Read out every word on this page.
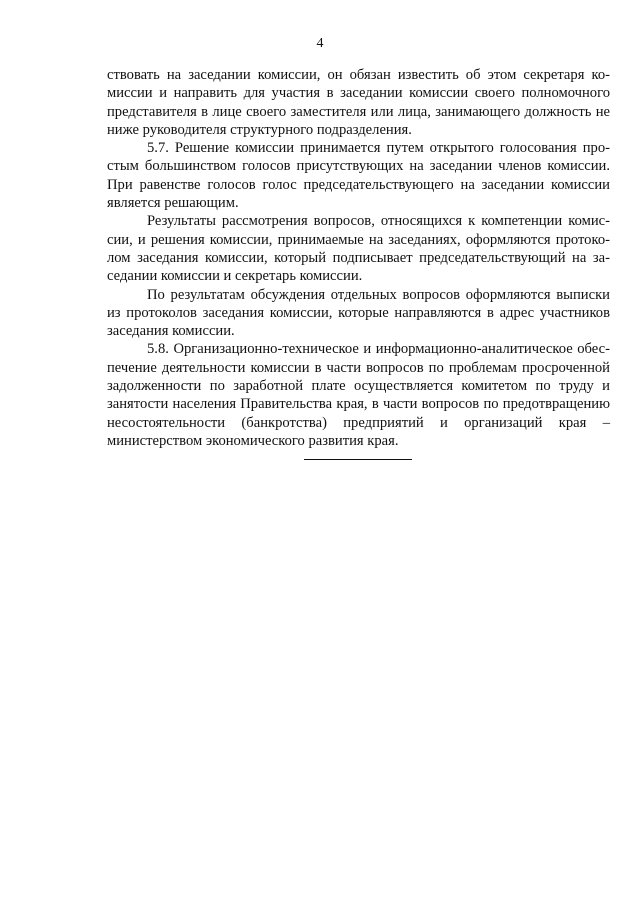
4

ствовать на заседании комиссии, он обязан известить об этом секретаря комиссии и направить для участия в заседании комиссии своего полномочного представителя в лице своего заместителя или лица, занимающего должность не ниже руководителя структурного подразделения.

5.7. Решение комиссии принимается путем открытого голосования простым большинством голосов присутствующих на заседании членов комиссии. При равенстве голосов голос председательствующего на заседании комиссии является решающим.

Результаты рассмотрения вопросов, относящихся к компетенции комиссии, и решения комиссии, принимаемые на заседаниях, оформляются протоколом заседания комиссии, который подписывает председательствующий на заседании комиссии и секретарь комиссии.

По результатам обсуждения отдельных вопросов оформляются выписки из протоколов заседания комиссии, которые направляются в адрес участников заседания комиссии.

5.8. Организационно-техническое и информационно-аналитическое обеспечение деятельности комиссии в части вопросов по проблемам просроченной задолженности по заработной плате осуществляется комитетом по труду и занятости населения Правительства края, в части вопросов по предотвращению несостоятельности (банкротства) предприятий и организаций края – министерством экономического развития края.
